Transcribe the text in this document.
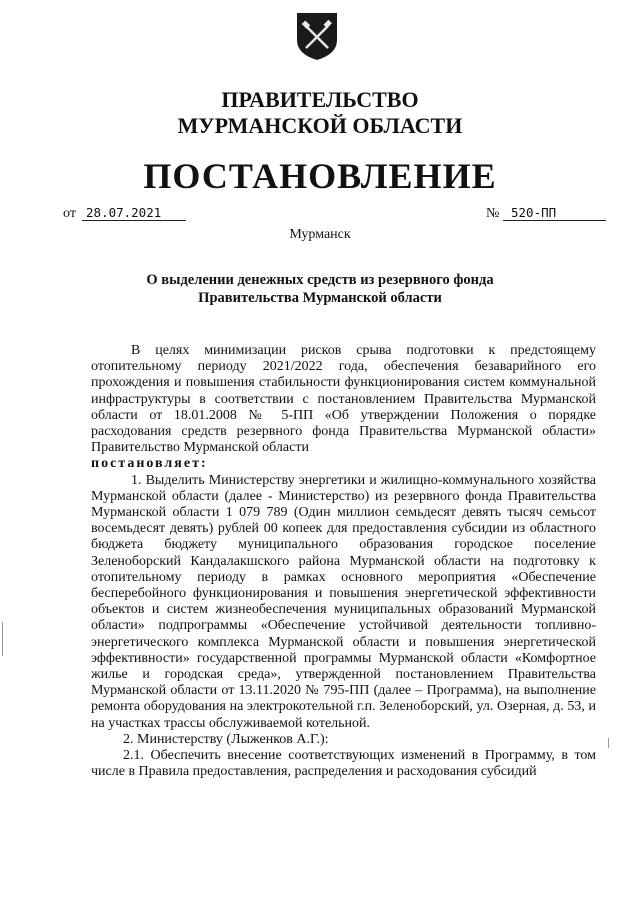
ПРАВИТЕЛЬСТВО
МУРМАНСКОЙ ОБЛАСТИ
ПОСТАНОВЛЕНИЕ
от 28.07.2021	№ 520-ПП
Мурманск
О выделении денежных средств из резервного фонда
Правительства Мурманской области

В целях минимизации рисков срыва подготовки к предстоящему отопительному периоду 2021/2022 года, обеспечения безаварийного его прохождения и повышения стабильности функционирования систем коммунальной инфраструктуры в соответствии с постановлением Правительства Мурманской области от 18.01.2008 № 5-ПП «Об утверждении Положения о порядке расходования средств резервного фонда Правительства Мурманской области» Правительство Мурманской области

постановляет:

1. Выделить Министерству энергетики и жилищно-коммунального хозяйства Мурманской области (далее - Министерство) из резервного фонда Правительства Мурманской области 1 079 789 (Один миллион семьдесят девять тысяч семьсот восемьдесят девять) рублей 00 копеек для предоставления субсидии из областного бюджета бюджету муниципального образования городское поселение Зеленоборский Кандалакшского района Мурманской области на подготовку к отопительному периоду в рамках основного мероприятия «Обеспечение бесперебойного функционирования и повышения энергетической эффективности объектов и систем жизнеобеспечения муниципальных образований Мурманской области» подпрограммы «Обеспечение устойчивой деятельности топливно-энергетического комплекса Мурманской области и повышения энергетической эффективности» государственной программы Мурманской области «Комфортное жилье и городская среда», утвержденной постановлением Правительства Мурманской области от 13.11.2020 № 795-ПП (далее – Программа), на выполнение ремонта оборудования на электрокотельной г.п. Зеленоборский, ул. Озерная, д. 53, и на участках трассы обслуживаемой котельной.

2. Министерству (Лыженков А.Г.):

2.1. Обеспечить внесение соответствующих изменений в Программу, в том числе в Правила предоставления, распределения и расходования субсидий
